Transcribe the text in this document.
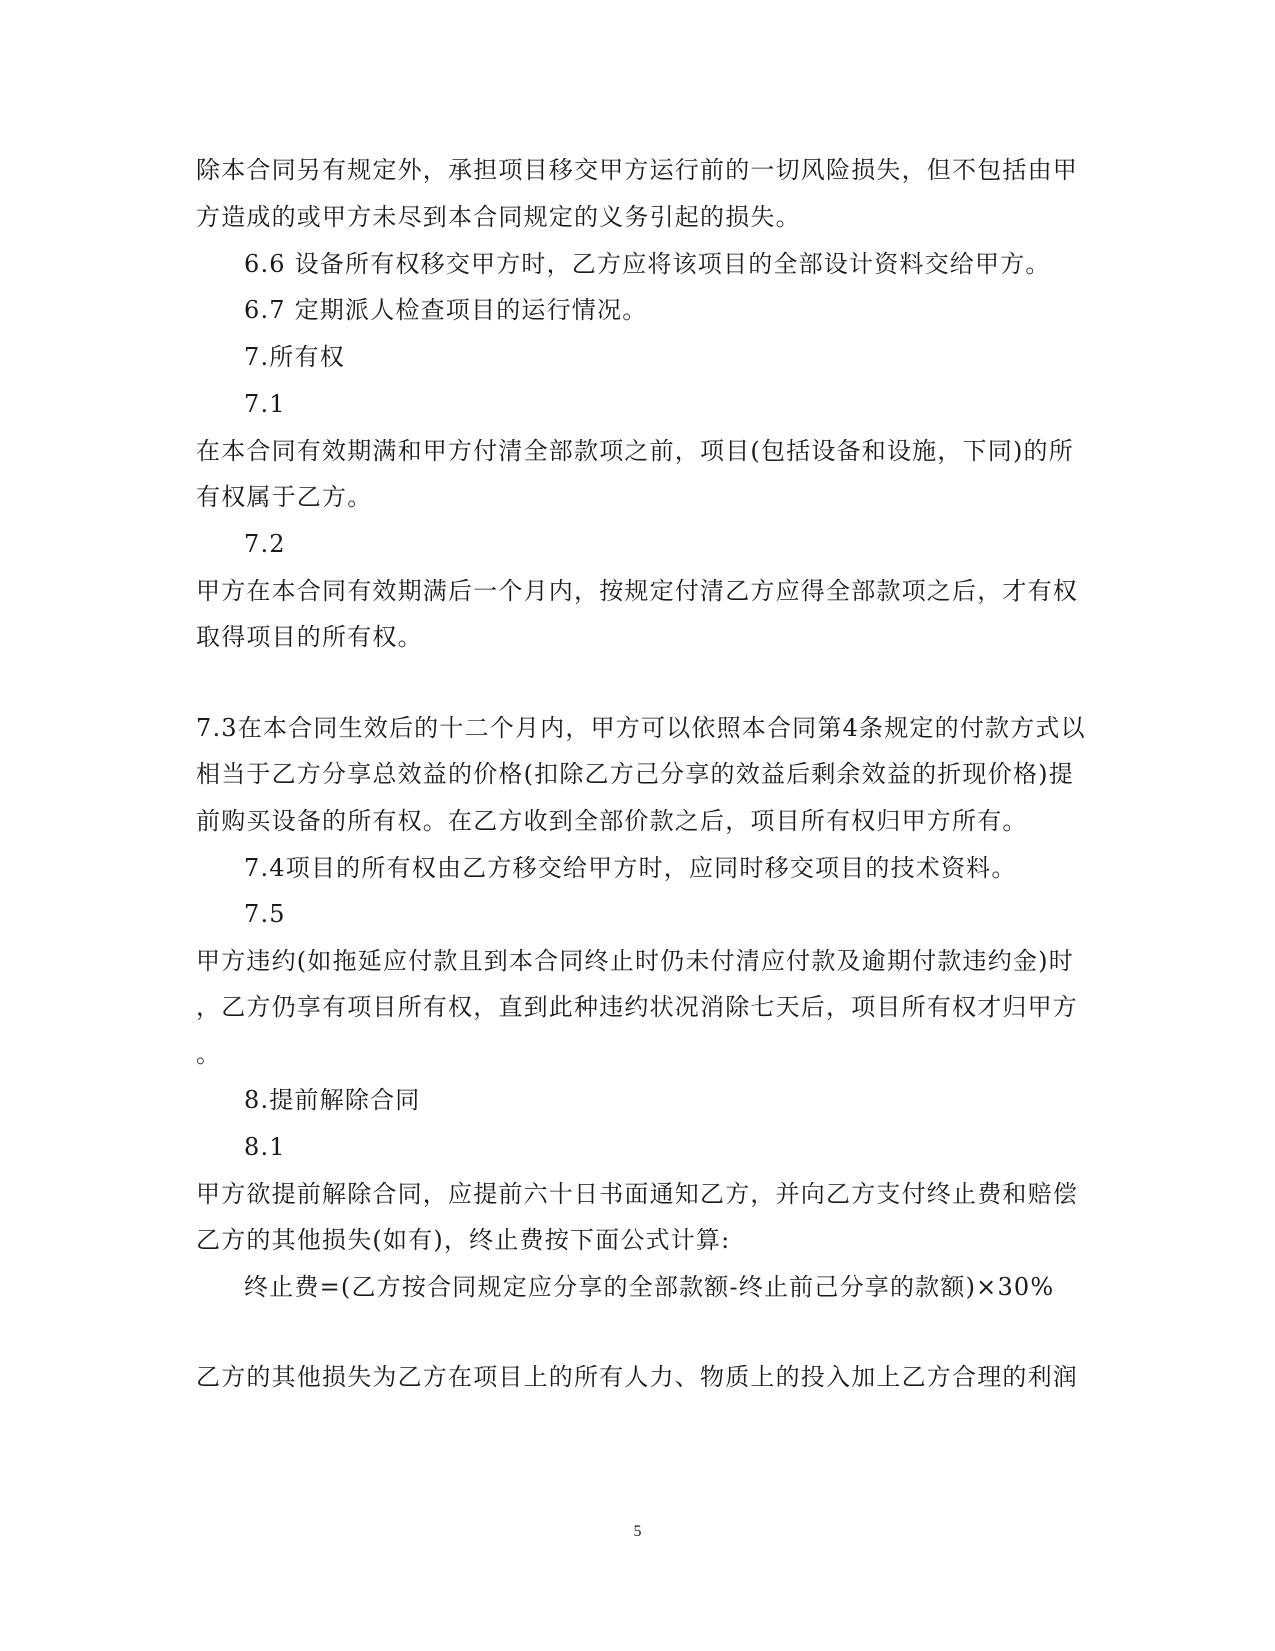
除本合同另有规定外，承担项目移交甲方运行前的一切风险损失，但不包括由甲
方造成的或甲方未尽到本合同规定的义务引起的损失。
6.6 设备所有权移交甲方时，乙方应将该项目的全部设计资料交给甲方。
6.7 定期派人检查项目的运行情况。
7.所有权
7.1
在本合同有效期满和甲方付清全部款项之前，项目(包括设备和设施，下同)的所
有权属于乙方。
7.2
甲方在本合同有效期满后一个月内，按规定付清乙方应得全部款项之后，才有权
取得项目的所有权。
7.3在本合同生效后的十二个月内，甲方可以依照本合同第4条规定的付款方式以
相当于乙方分享总效益的价格(扣除乙方己分享的效益后剩余效益的折现价格)提
前购买设备的所有权。在乙方收到全部价款之后，项目所有权归甲方所有。
7.4项目的所有权由乙方移交给甲方时，应同时移交项目的技术资料。
7.5
甲方违约(如拖延应付款且到本合同终止时仍未付清应付款及逾期付款违约金)时
，乙方仍享有项目所有权，直到此种违约状况消除七天后，项目所有权才归甲方
。
8.提前解除合同
8.1
甲方欲提前解除合同，应提前六十日书面通知乙方，并向乙方支付终止费和赔偿
乙方的其他损失(如有)，终止费按下面公式计算:
终止费=(乙方按合同规定应分享的全部款额-终止前己分享的款额)×30%
乙方的其他损失为乙方在项目上的所有人力、物质上的投入加上乙方合理的利润
5
